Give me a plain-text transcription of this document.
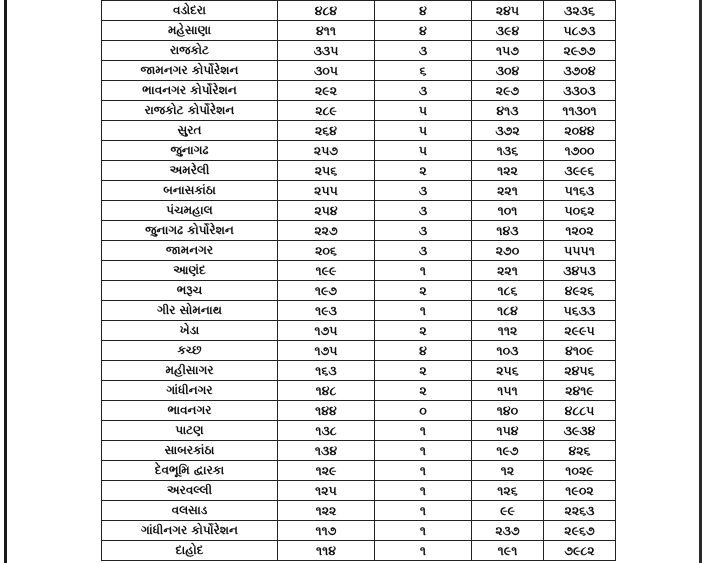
વડોદરા	૪૮૪	૪	૨૪૫	૩૨૩૬
મહેસાણા	૪૧૧	૪	૩૯૪	૫૮૭૩
રાજકોટ	૩૩૫	૩	૧૫૭	૨૯૭૭
જામનગર કોર્પોરેશન	૩૦૫	૬	૩૦૪	૩૭૦૪
ભાવનગર કોર્પોરેશન	૨૯૨	૩	૨૯૭	૩૩૦૩
રાજકોટ કોર્પોરેશન	૨૮૯	૫	૪૧૩	૧૧૩૦૧
સુરત	૨૬૪	૫	૩૭૨	૨૦૪૪
જુનાગઢ	૨૫૭	૫	૧૩૬	૧૭૦૦
અમરેલી	૨૫૬	૨	૧૨૨	૩૯૯૬
બનાસકાંઠા	૨૫૫	૩	૨૨૧	૫૧૬૩
પંચમહાલ	૨૫૪	૩	૧૦૧	૫૦૬૨
જુનાગઢ કોર્પોરેશન	૨૨૭	૩	૧૪૩	૧૨૦૨
જામનગર	૨૦૬	૩	૨૭૦	૫૫૫૧
આણંદ	૧૯૯	૧	૨૨૧	૩૪૫૩
ભરૂચ	૧૯૭	૨	૧૮૬	૪૯૨૬
ગીર સોમનાથ	૧૯૩	૧	૧૮૪	૫૬૩૩
ખેડા	૧૭૫	૨	૧૧૨	૨૯૯૫
કચ્છ	૧૭૫	૪	૧૦૩	૪૧૦૯
મહીસાગર	૧૬૩	૨	૨૫૬	૨૪૫૬
ગાંધીનગર	૧૪૮	૨	૧૫૧	૨૪૧૯
ભાવનગર	૧૪૪	૦	૧૪૦	૪૮૮૫
પાટણ	૧૩૮	૧	૧૫૪	૩૯૩૪
સાબરકાંઠા	૧૩૪	૧	૧૯૭	૪૨૬
દેવભૂમિ દ્વારકા	૧૨૯	૧	૧૨	૧૦૨૯
અરવલ્લી	૧૨૫	૧	૧૨૬	૧૯૦૨
વલસાડ	૧૨૨	૧	૯૯	૨૨૬૩
ગાંધીનગર કોર્પોરેશન	૧૧૭	૧	૨૩૭	૨૯૬૭
દાહોદ	૧૧૪	૧	૧૯૧	૭૯૮૨
